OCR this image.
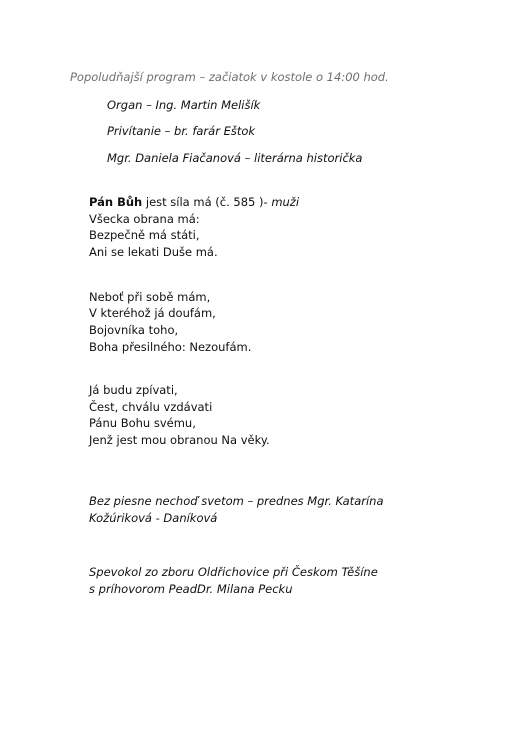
Popoludňajší program – začiatok v kostole o 14:00 hod.
Organ – Ing. Martin Melišík
Privítanie – br. farár Eštok
Mgr. Daniela Fiačanová – literárna historička
Pán Bůh jest síla má (č. 585 )- muži
Všecka obrana má:
Bezpečně má státi,
Ani se lekati Duše má.
Neboť při sobě mám,
V kteréhož já doufám,
Bojovníka toho,
Boha přesilného: Nezoufám.
Já budu zpívati,
Čest, chválu vzdávati
Pánu Bohu svému,
Jenž jest mou obranou Na věky.
Bez piesne nechoď svetom – prednes Mgr. Katarína
Kožúriková - Daníková
Spevokol zo zboru Oldřichovice při Českom Těšíne
s príhovorom PeadDr. Milana Pecku
